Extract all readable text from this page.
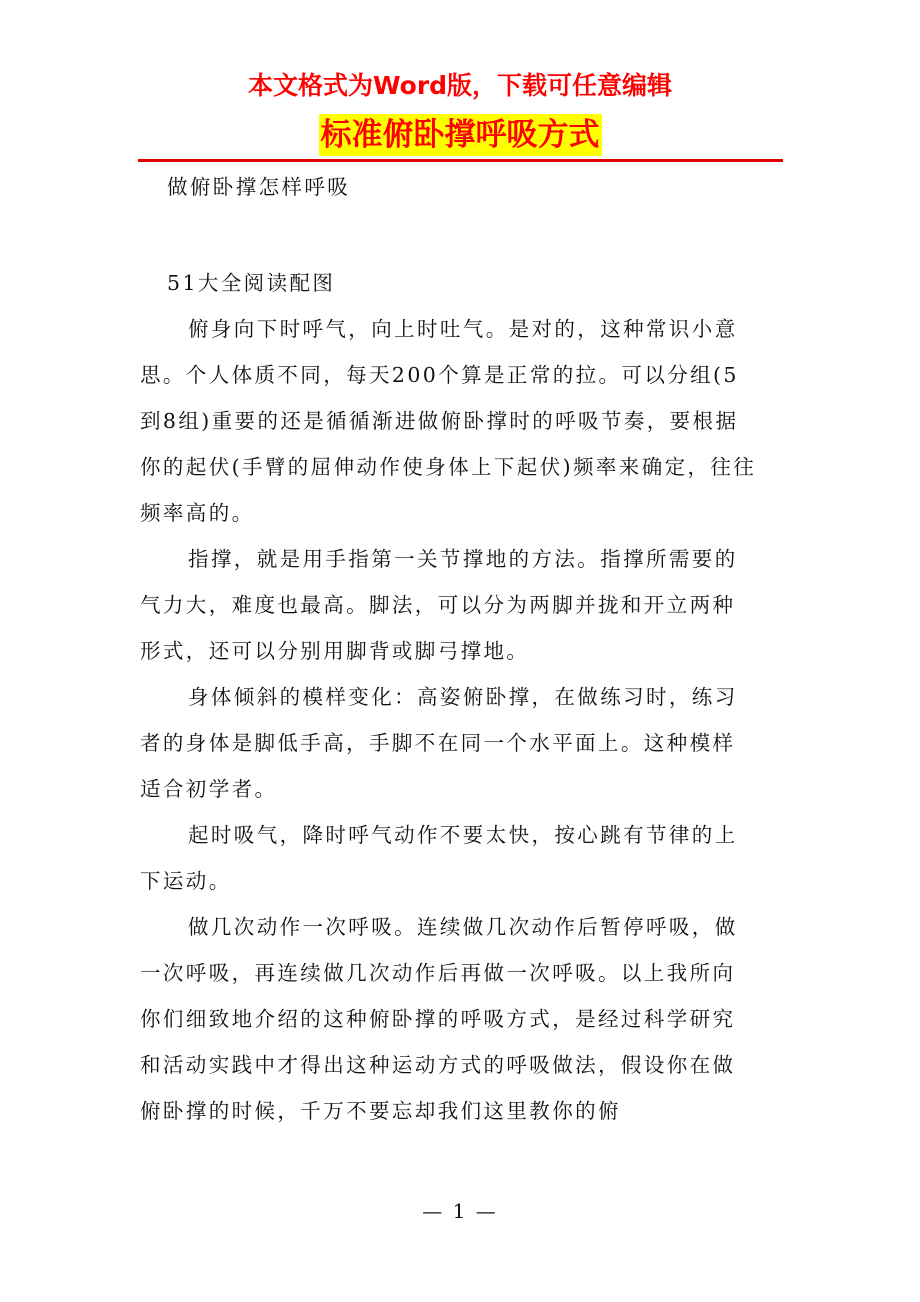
本文格式为Word版，下载可任意编辑
标准俯卧撑呼吸方式

做俯卧撑怎样呼吸

51大全阅读配图

俯身向下时呼气，向上时吐气。是对的，这种常识小意思。个人体质不同，每天200个算是正常的拉。可以分组(5到8组)重要的还是循循渐进做俯卧撑时的呼吸节奏，要根据你的起伏(手臂的屈伸动作使身体上下起伏)频率来确定，往往频率高的。

指撑，就是用手指第一关节撑地的方法。指撑所需要的气力大，难度也最高。脚法，可以分为两脚并拢和开立两种形式，还可以分别用脚背或脚弓撑地。

身体倾斜的模样变化：高姿俯卧撑，在做练习时，练习者的身体是脚低手高，手脚不在同一个水平面上。这种模样适合初学者。

起时吸气，降时呼气动作不要太快，按心跳有节律的上下运动。

做几次动作一次呼吸。连续做几次动作后暂停呼吸，做一次呼吸，再连续做几次动作后再做一次呼吸。以上我所向你们细致地介绍的这种俯卧撑的呼吸方式，是经过科学研究和活动实践中才得出这种运动方式的呼吸做法，假设你在做俯卧撑的时候，千万不要忘却我们这里教你的俯

— 1 —
